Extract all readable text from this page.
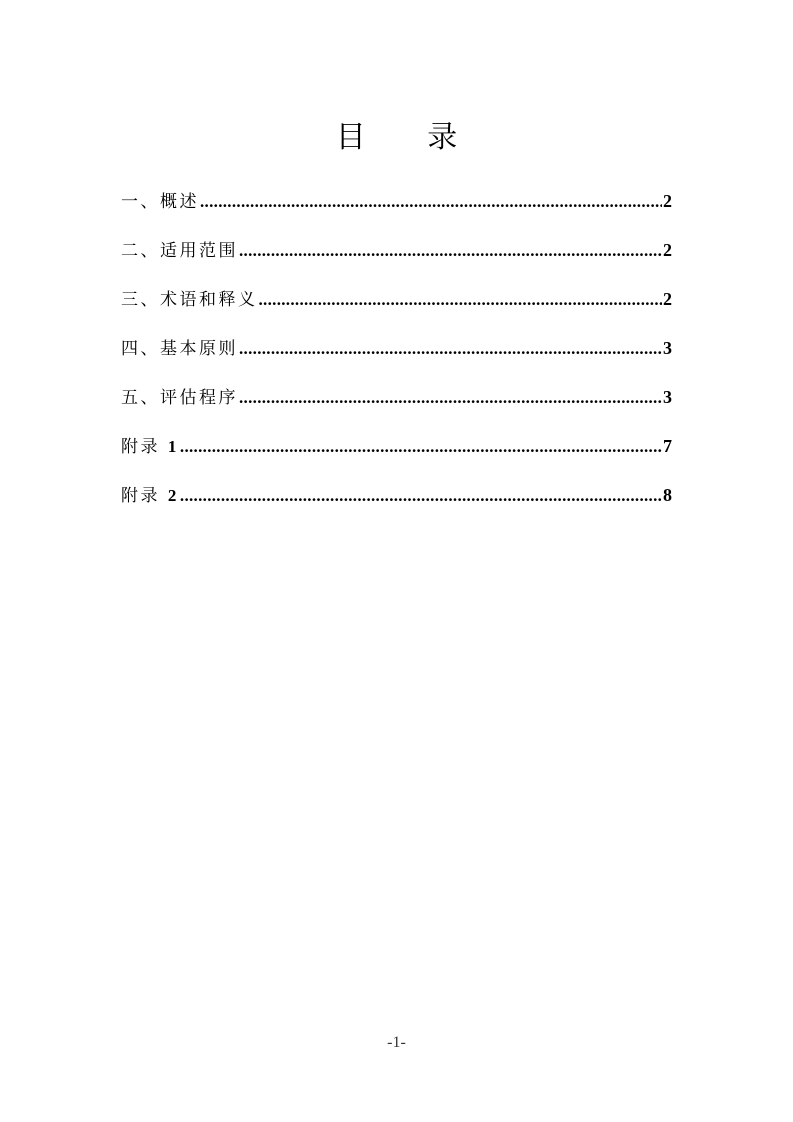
目 录
一、概述 .....	2
二、适用范围 .....	2
三、术语和释义 .....	2
四、基本原则 .....	3
五、评估程序 .....	3
附录 1 .....	7
附录 2 .....	8
-1-
